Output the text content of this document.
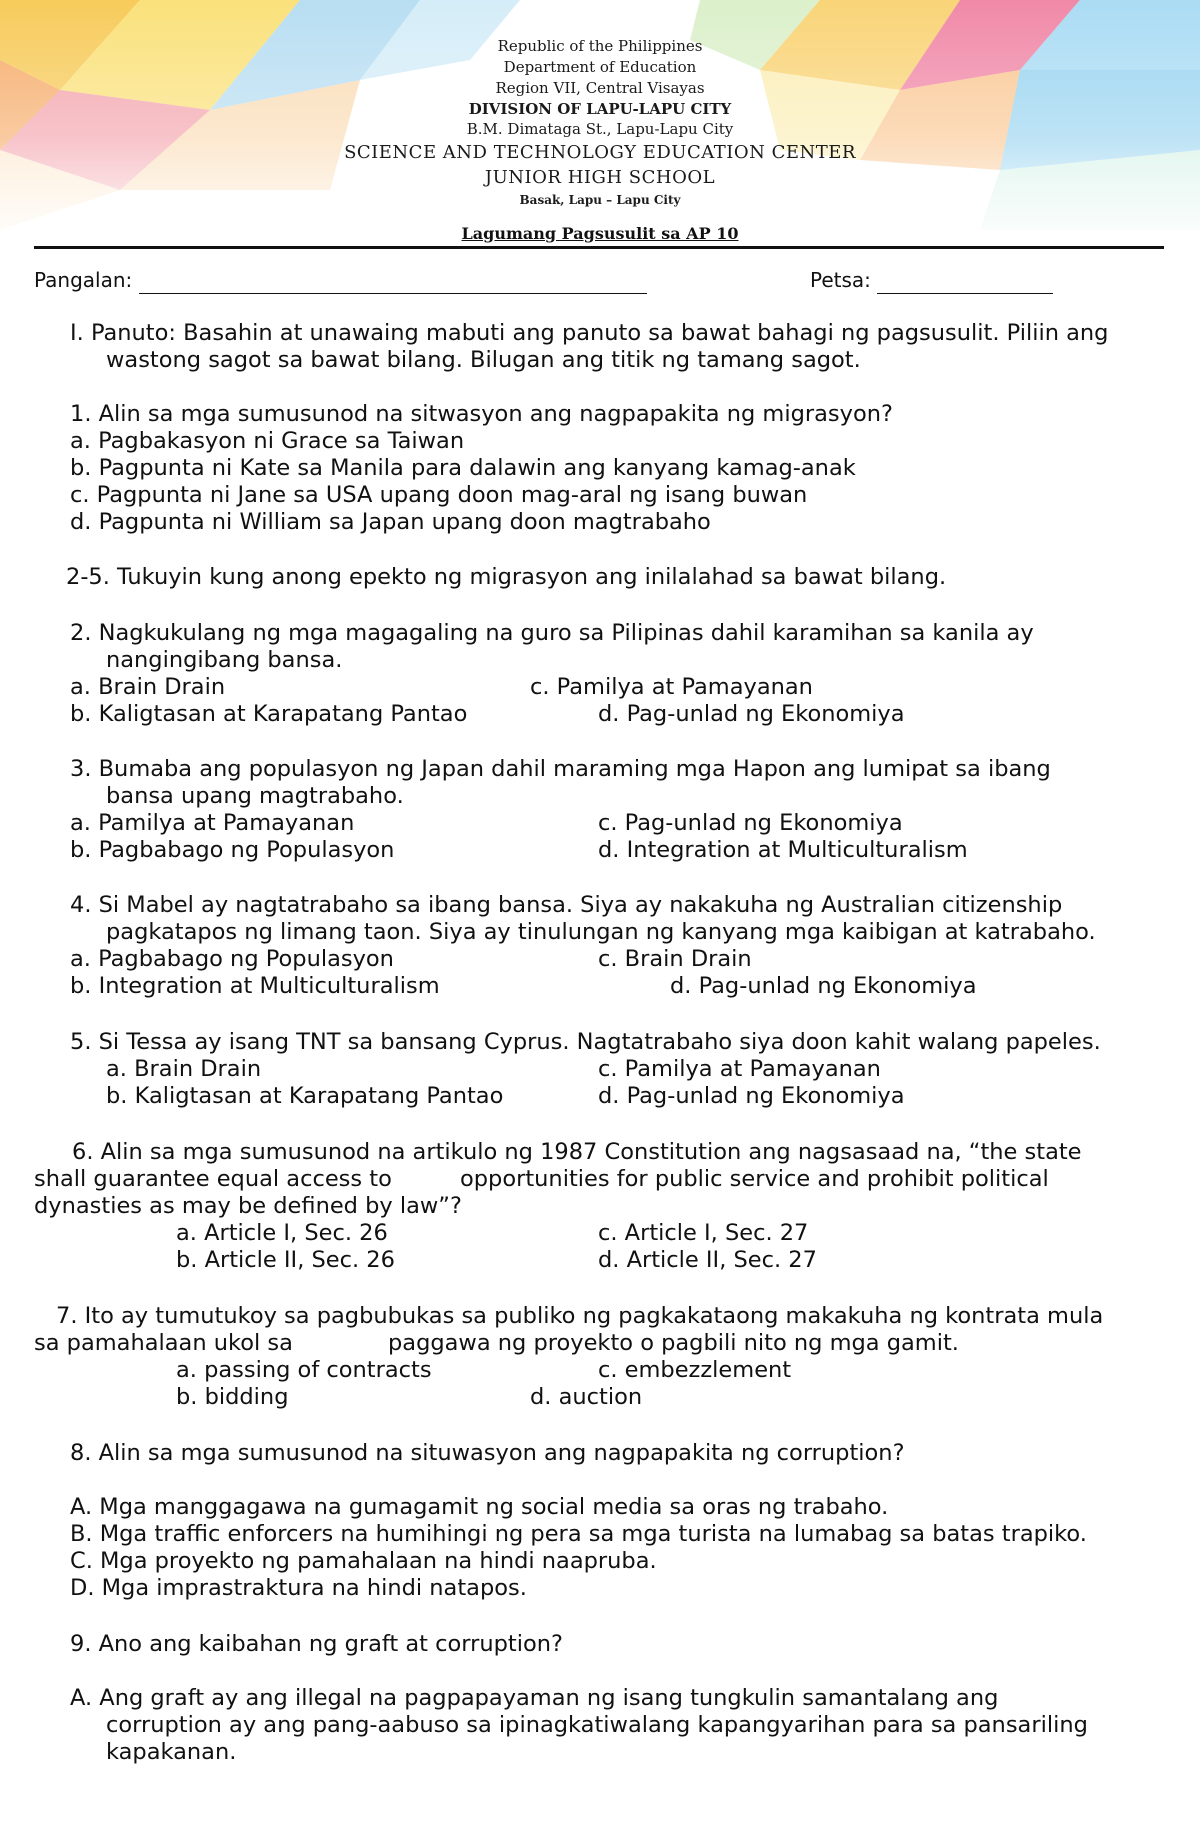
Republic of the Philippines
Department of Education
Region VII, Central Visayas
DIVISION OF LAPU-LAPU CITY
B.M. Dimataga St., Lapu-Lapu City
SCIENCE AND TECHNOLOGY EDUCATION CENTER
JUNIOR HIGH SCHOOL
Basak, Lapu – Lapu City
Lagumang Pagsusulit sa AP 10
Pangalan:	Petsa:
I. Panuto: Basahin at unawaing mabuti ang panuto sa bawat bahagi ng pagsusulit. Piliin ang
wastong sagot sa bawat bilang. Bilugan ang titik ng tamang sagot.
1. Alin sa mga sumusunod na sitwasyon ang nagpapakita ng migrasyon?
a. Pagbakasyon ni Grace sa Taiwan
b. Pagpunta ni Kate sa Manila para dalawin ang kanyang kamag-anak
c. Pagpunta ni Jane sa USA upang doon mag-aral ng isang buwan
d. Pagpunta ni William sa Japan upang doon magtrabaho
2-5. Tukuyin kung anong epekto ng migrasyon ang inilalahad sa bawat bilang.
2. Nagkukulang ng mga magagaling na guro sa Pilipinas dahil karamihan sa kanila ay
nangingibang bansa.
a. Brain Drain	c. Pamilya at Pamayanan
b. Kaligtasan at Karapatang Pantao	d. Pag-unlad ng Ekonomiya
3. Bumaba ang populasyon ng Japan dahil maraming mga Hapon ang lumipat sa ibang
bansa upang magtrabaho.
a. Pamilya at Pamayanan	c. Pag-unlad ng Ekonomiya
b. Pagbabago ng Populasyon	d. Integration at Multiculturalism
4. Si Mabel ay nagtatrabaho sa ibang bansa. Siya ay nakakuha ng Australian citizenship
pagkatapos ng limang taon. Siya ay tinulungan ng kanyang mga kaibigan at katrabaho.
a. Pagbabago ng Populasyon	c. Brain Drain
b. Integration at Multiculturalism	d. Pag-unlad ng Ekonomiya
5. Si Tessa ay isang TNT sa bansang Cyprus. Nagtatrabaho siya doon kahit walang papeles.
a. Brain Drain	c. Pamilya at Pamayanan
b. Kaligtasan at Karapatang Pantao	d. Pag-unlad ng Ekonomiya
6. Alin sa mga sumusunod na artikulo ng 1987 Constitution ang nagsasaad na, “the state
shall guarantee equal access to	opportunities for public service and prohibit political
dynasties as may be defined by law”?
a. Article I, Sec. 26	c. Article I, Sec. 27
b. Article II, Sec. 26	d. Article II, Sec. 27
7. Ito ay tumutukoy sa pagbubukas sa publiko ng pagkakataong makakuha ng kontrata mula
sa pamahalaan ukol sa	paggawa ng proyekto o pagbili nito ng mga gamit.
a. passing of contracts	c. embezzlement
b. bidding	d. auction
8. Alin sa mga sumusunod na situwasyon ang nagpapakita ng corruption?
A. Mga manggagawa na gumagamit ng social media sa oras ng trabaho.
B. Mga traffic enforcers na humihingi ng pera sa mga turista na lumabag sa batas trapiko.
C. Mga proyekto ng pamahalaan na hindi naapruba.
D. Mga imprastraktura na hindi natapos.
9. Ano ang kaibahan ng graft at corruption?
A. Ang graft ay ang illegal na pagpapayaman ng isang tungkulin samantalang ang
corruption ay ang pang-aabuso sa ipinagkatiwalang kapangyarihan para sa pansariling
kapakanan.
